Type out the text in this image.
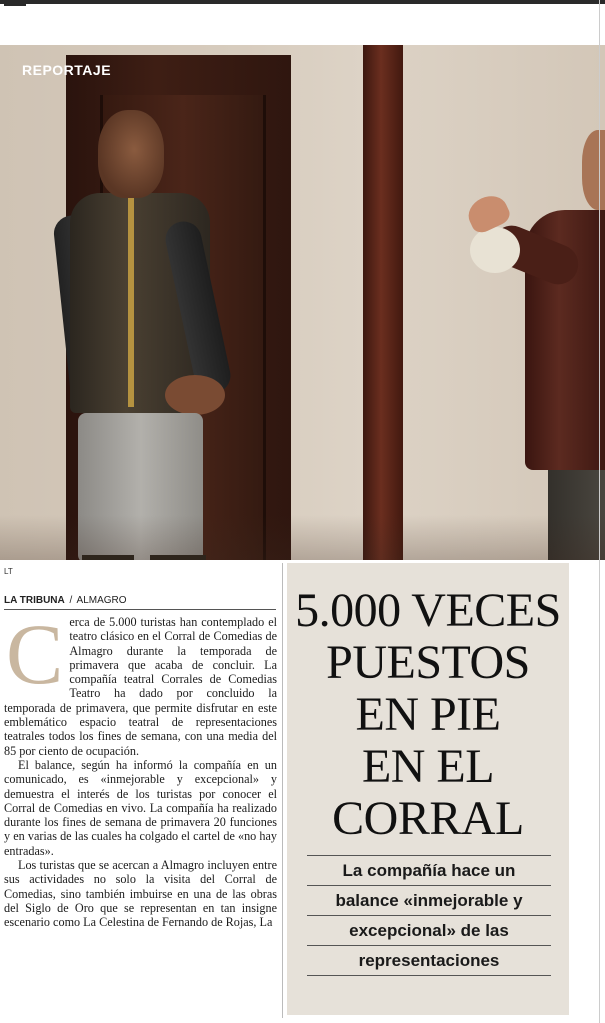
REPORTAJE
LT
LA TRIBUNA / ALMAGRO
C erca de 5.000 turistas han contemplado el teatro clásico en el Corral de Comedias de Almagro durante la temporada de primavera que acaba de concluir. La compañía teatral Corrales de Comedias Teatro ha dado por concluido la temporada de primavera, que permite disfrutar en este emblemático espacio teatral de representaciones teatrales todos los fines de semana, con una media del 85 por ciento de ocupación.

El balance, según ha informó la compañía en un comunicado, es «inmejorable y excepcional» y demuestra el interés de los turistas por conocer el Corral de Comedias en vivo. La compañía ha realizado durante los fines de semana de primavera 20 funciones y en varias de las cuales ha colgado el cartel de «no hay entradas».

Los turistas que se acercan a Almagro incluyen entre sus actividades no solo la visita del Corral de Comedias, sino también imbuirse en una de las obras del Siglo de Oro que se representan en tan insigne escenario como La Celestina de Fernando de Rojas, La

5.000 VECES
PUESTOS
EN PIE
EN EL
CORRAL
La compañía hace un
balance «inmejorable y
excepcional» de las
representaciones
